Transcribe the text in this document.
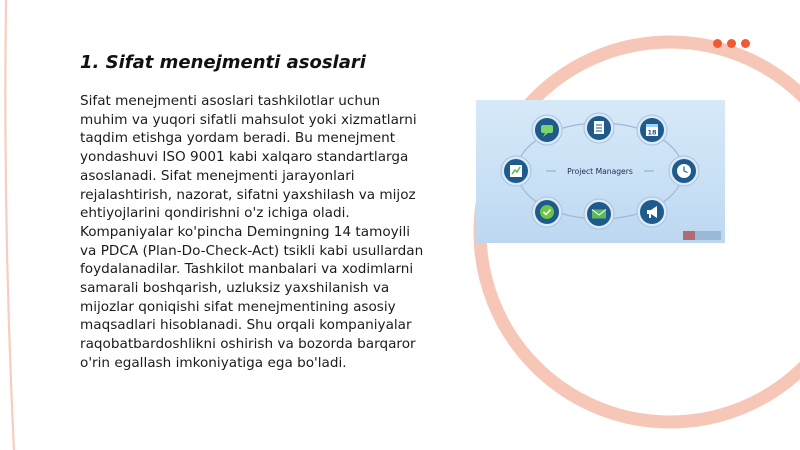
1. Sifat menejmenti asoslari

Sifat menejmenti asoslari tashkilotlar uchun muhim va yuqori sifatli mahsulot yoki xizmatlarni taqdim etishga yordam beradi. Bu menejment yondashuvi ISO 9001 kabi xalqaro standartlarga asoslanadi. Sifat menejmenti jarayonlari rejalashtirish, nazorat, sifatni yaxshilash va mijoz ehtiyojlarini qondirishni o'z ichiga oladi. Kompaniyalar ko'pincha Demingning 14 tamoyili va PDCA (Plan-Do-Check-Act) tsikli kabi usullardan foydalanadilar. Tashkilot manbalari va xodimlarni samarali boshqarish, uzluksiz yaxshilanish va mijozlar qoniqishi sifat menejmentining asosiy maqsadlari hisoblanadi. Shu orqali kompaniyalar raqobatbardoshlikni oshirish va bozorda barqaror o'rin egallash imkoniyatiga ega bo'ladi.

Project Managers
18
